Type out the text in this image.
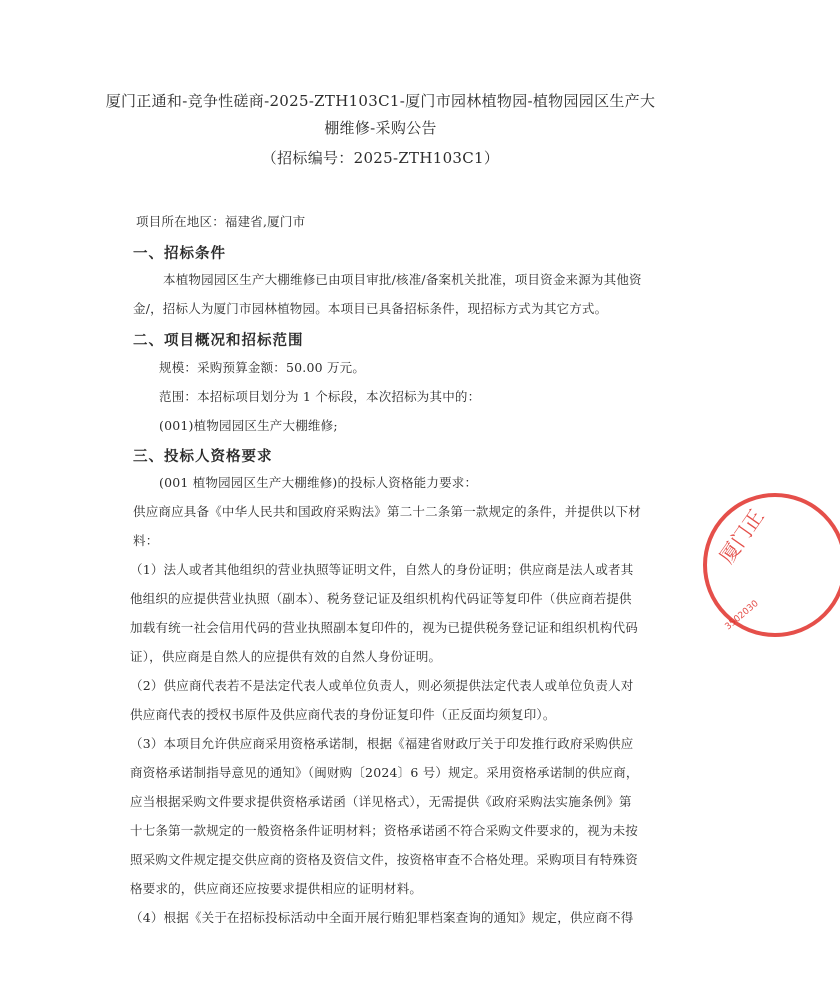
厦门正通和-竞争性磋商-2025-ZTH103C1-厦门市园林植物园-植物园园区生产大
棚维修-采购公告
（招标编号：2025-ZTH103C1）
项目所在地区：福建省,厦门市
一、招标条件
本植物园园区生产大棚维修已由项目审批/核准/备案机关批准，项目资金来源为其他资
金/，招标人为厦门市园林植物园。本项目已具备招标条件，现招标方式为其它方式。
二、项目概况和招标范围
规模：采购预算金额：50.00 万元。
范围：本招标项目划分为 1 个标段，本次招标为其中的：
(001)植物园园区生产大棚维修;
三、投标人资格要求
(001 植物园园区生产大棚维修)的投标人资格能力要求：
供应商应具备《中华人民共和国政府采购法》第二十二条第一款规定的条件，并提供以下材
料：
（1）法人或者其他组织的营业执照等证明文件，自然人的身份证明；供应商是法人或者其
他组织的应提供营业执照（副本）、税务登记证及组织机构代码证等复印件（供应商若提供
加载有统一社会信用代码的营业执照副本复印件的，视为已提供税务登记证和组织机构代码
证），供应商是自然人的应提供有效的自然人身份证明。
（2）供应商代表若不是法定代表人或单位负责人，则必须提供法定代表人或单位负责人对
供应商代表的授权书原件及供应商代表的身份证复印件（正反面均须复印）。
（3）本项目允许供应商采用资格承诺制，根据《福建省财政厅关于印发推行政府采购供应
商资格承诺制指导意见的通知》（闽财购〔2024〕6 号）规定。采用资格承诺制的供应商，
应当根据采购文件要求提供资格承诺函（详见格式），无需提供《政府采购法实施条例》第
十七条第一款规定的一般资格条件证明材料；资格承诺函不符合采购文件要求的，视为未按
照采购文件规定提交供应商的资格及资信文件，按资格审查不合格处理。采购项目有特殊资
格要求的，供应商还应按要求提供相应的证明材料。
（4）根据《关于在招标投标活动中全面开展行贿犯罪档案查询的通知》规定，供应商不得
厦门正
3502030
